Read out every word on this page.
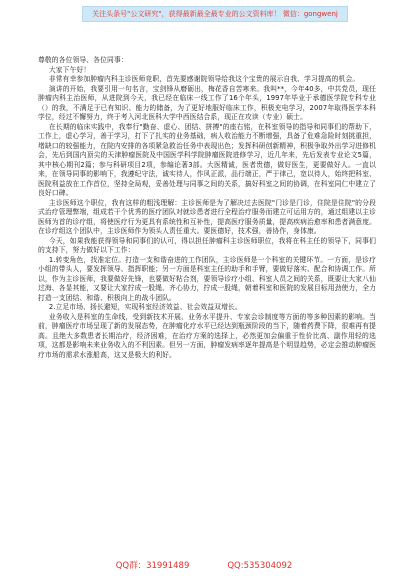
关注头条号"公文研究"，获得最新最全最专业的公文资料库！ 微信：gongwenj

尊敬的各位领导、各位同事：

大家下午好！

非常有幸参加肿瘤内科主诊医师竞职，首先要感谢院领导给我这个宝贵的展示自我、学习提高的机会。

演讲的开始，我要引用一句名言，宝剑锋从磨砺出，梅花香自苦寒来。我叫**，今年40多，中共党员，现任肿瘤内科主治医师，从进院到今天，我已经在临床一线工作了16个年头，1997年毕业于承德医学院专科专业（）的我，不满足于已有知识、能力的储备，为了更好地服好临床工作，积极充电学习，2007年取得医学本科学位，经过不懈努力，终于考入河北医科大学中西医结合系，现正在攻读（专业）硕士。

在长期的临床实践中，我奉行"勤奋、虚心、团结、拼搏"的座右铭，在科室领导的指导和同事们的帮助下，工作上，虚心学习，善于学习，打下了扎实的业务基础，病人收治能力不断增强，具备了危难急险时刻挑重担，堵缺口的较强能力，在院内安排的各项紧急救治任务中表现出色；发挥科研创新精神，积极争取外出学习进修机会，先后到国内顶尖的天津肿瘤医院及中国医学科学院肿瘤医院进修学习，近几年来，先后发表专业论文5篇，其中核心期刊2篇；参与科研项目2项，参编论著3部。大医精诚，医者贵德，做好医生，更要做好人。一直以来，在领导同事的影响下，我遵纪守法，诚实待人，作风正派，品行端正，严于律己，宽以待人，始终把科室、医院利益放在工作首位，坚持全局观，妥善处理与同事之间的关系，搞好科室之间的协调，在科室同仁中建立了良好口碑。

主诊医师这个职位，我有这样的粗浅理解：主诊医师是为了解决过去医院"门诊是门诊，住院是住院"的分段式治疗管理弊端，组成若干个优秀的医疗团队对就诊患者进行全程治疗服务而建立可运用方的，通过组建以主诊医师为首的诊疗组，将使医疗行为更具有系统性和互补性，提高医疗服务质量，提高疾病治愈率和患者满意度。在诊疗组这个团队中，主诊医师作为领头人责任重大。要医德好，技术强，善协作，身体康。

今天，如果我能获得领导和同事们的认可，得以担任肿瘤科主诊医师职位，我将在科主任的领导下，同事们的支持下，努力做好以下工作：

1.转变角色，找准定位。打造一支和谐奋进的工作团队，主诊医师是一个科室的关键环节。一方面，是诊疗小组的带头人，要发挥领导、指挥职能；另一方面是科室主任的助手和手臂，要做好落实、配合和协调工作。所以，作为主诊医师，我要做好先锋，也要做好粘合剂，要领导诊疗小组、科室人员之间的关系，既要让大家八仙过海、各显其能，又要让大家拧成一股绳、齐心协力，拧成一股绳，朝着科室和医院的发展目标用劲使力，全力打造一支团结、和谐、积极向上的战斗团队。

2.立足市场、扬长避短，实现科室经济效益、社会效益双增长。

业务收入是科室的生命线，受到新技术开展、业务水平提升、专家会诊制度等方面的等多种因素的影响。当前，肿瘤医疗市场呈现了新的发展态势，在肿瘤化疗水平已经达到瓶颈阶段的当下，随着药费下降，很难再有提高。且绝大多数患者长期治疗，经济困难，在治疗方案的选择上，必然更加会偏重于性价比高、副作用轻的选项，这都是影响未来业务收入的不利因素。但另一方面，肿瘤发病率逐年提高是个明显趋势，必定会推动肿瘤医疗市场的需求水涨船高，这又是极大的利好。

QQ群：31991489	QQ:535304092
